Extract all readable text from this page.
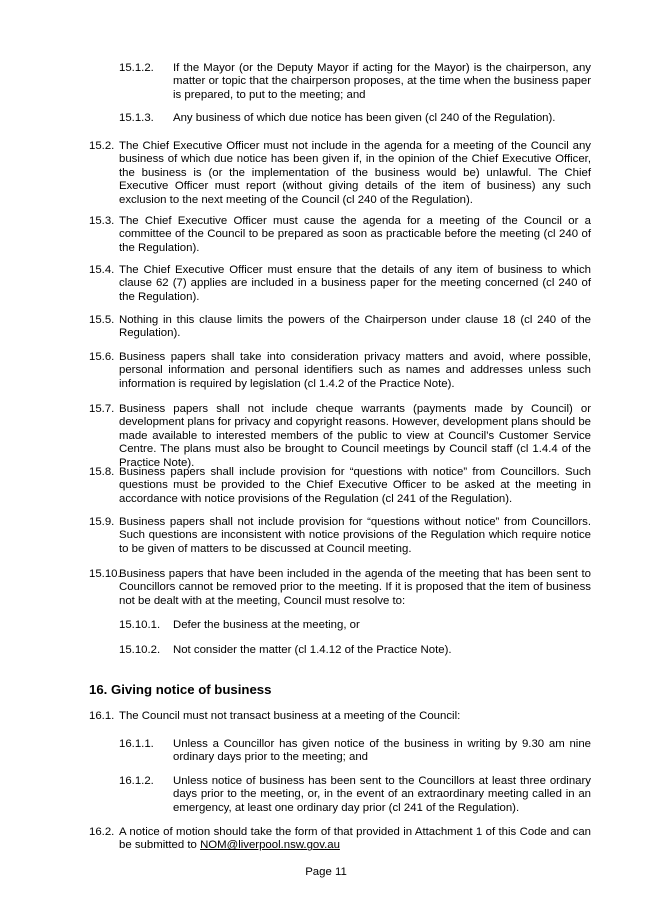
15.1.2. If the Mayor (or the Deputy Mayor if acting for the Mayor) is the chairperson, any matter or topic that the chairperson proposes, at the time when the business paper is prepared, to put to the meeting; and
15.1.3. Any business of which due notice has been given (cl 240 of the Regulation).
15.2. The Chief Executive Officer must not include in the agenda for a meeting of the Council any business of which due notice has been given if, in the opinion of the Chief Executive Officer, the business is (or the implementation of the business would be) unlawful. The Chief Executive Officer must report (without giving details of the item of business) any such exclusion to the next meeting of the Council (cl 240 of the Regulation).
15.3. The Chief Executive Officer must cause the agenda for a meeting of the Council or a committee of the Council to be prepared as soon as practicable before the meeting (cl 240 of the Regulation).
15.4. The Chief Executive Officer must ensure that the details of any item of business to which clause 62 (7) applies are included in a business paper for the meeting concerned (cl 240 of the Regulation).
15.5. Nothing in this clause limits the powers of the Chairperson under clause 18 (cl 240 of the Regulation).
15.6. Business papers shall take into consideration privacy matters and avoid, where possible, personal information and personal identifiers such as names and addresses unless such information is required by legislation (cl 1.4.2 of the Practice Note).
15.7. Business papers shall not include cheque warrants (payments made by Council) or development plans for privacy and copyright reasons. However, development plans should be made available to interested members of the public to view at Council’s Customer Service Centre. The plans must also be brought to Council meetings by Council staff (cl 1.4.4 of the Practice Note).
15.8. Business papers shall include provision for “questions with notice” from Councillors. Such questions must be provided to the Chief Executive Officer to be asked at the meeting in accordance with notice provisions of the Regulation (cl 241 of the Regulation).
15.9. Business papers shall not include provision for “questions without notice” from Councillors. Such questions are inconsistent with notice provisions of the Regulation which require notice to be given of matters to be discussed at Council meeting.
15.10.
Business papers that have been included in the agenda of the meeting that has been sent to Councillors cannot be removed prior to the meeting. If it is proposed that the item of business not be dealt with at the meeting, Council must resolve to:
15.10.1. Defer the business at the meeting, or
15.10.2. Not consider the matter (cl 1.4.12 of the Practice Note).
16. Giving notice of business
16.1. The Council must not transact business at a meeting of the Council:
16.1.1. Unless a Councillor has given notice of the business in writing by 9.30 am nine ordinary days prior to the meeting; and
16.1.2. Unless notice of business has been sent to the Councillors at least three ordinary days prior to the meeting, or, in the event of an extraordinary meeting called in an emergency, at least one ordinary day prior (cl 241 of the Regulation).
16.2. A notice of motion should take the form of that provided in Attachment 1 of this Code and can be submitted to NOM@liverpool.nsw.gov.au
Page 11
